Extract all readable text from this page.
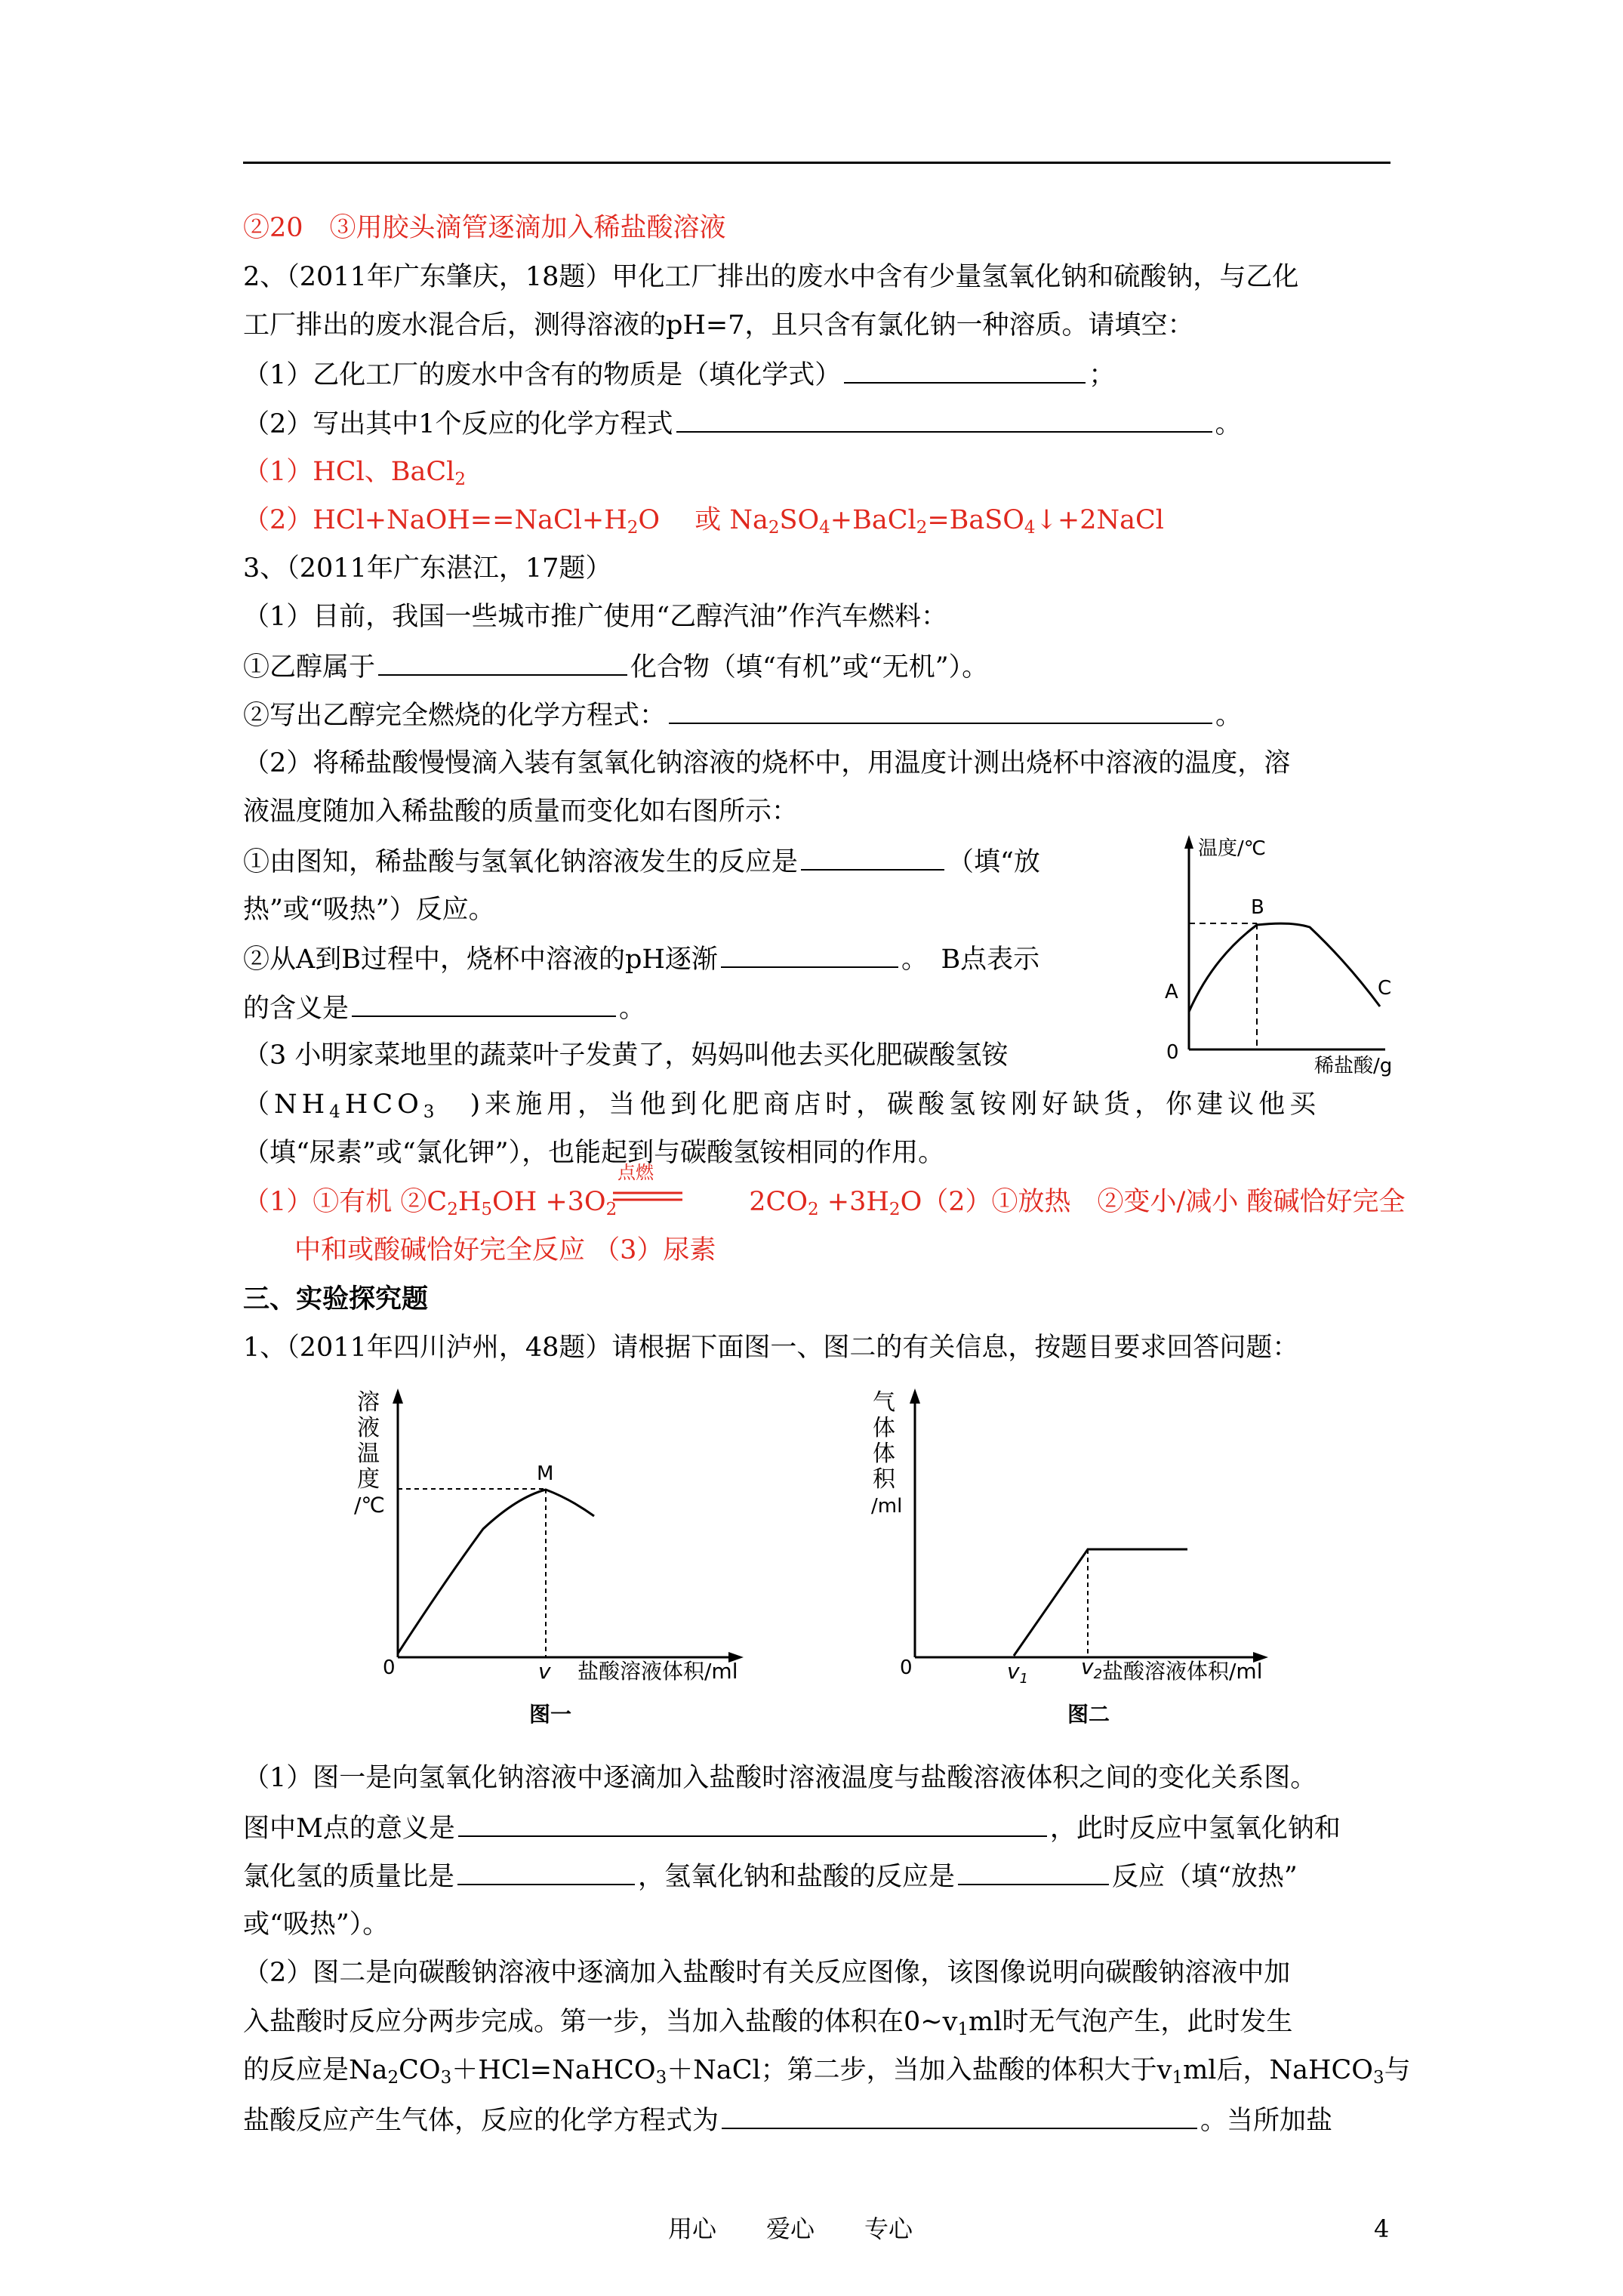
②20　③用胶头滴管逐滴加入稀盐酸溶液
2、（2011年广东肇庆，18题）甲化工厂排出的废水中含有少量氢氧化钠和硫酸钠，与乙化
工厂排出的废水混合后，测得溶液的pH=7，且只含有氯化钠一种溶质。请填空：
（1）乙化工厂的废水中含有的物质是（填化学式）	；
（2）写出其中1个反应的化学方程式	。
（1）HCl、BaCl$_2$
$(2)HCl+NaOH==NaCl+H_2O$　 或 $Na_2SO_4+BaCl_2=BaSO_4↓+2NaCl$
3、（2011年广东湛江，17题）
（1）目前，我国一些城市推广使用“乙醇汽油”作汽车燃料：
①乙醇属于	化合物（填“有机”或“无机”）。
②写出乙醇完全燃烧的化学方程式：	。
（2）将稀盐酸慢慢滴入装有氢氧化钠溶液的烧杯中，用温度计测出烧杯中溶液的温度，溶
液温度随加入稀盐酸的质量而变化如右图所示：
①由图知，稀盐酸与氢氧化钠溶液发生的反应是	（填“放
热”或“吸热”）反应。
②从A到B过程中，烧杯中溶液的pH逐渐	。　B点表示
的含义是	。
（3 小明家菜地里的蔬菜叶子发黄了，妈妈叫他去买化肥碳酸氢铵
（$NH_4HCO_3$　)来施用，当他到化肥商店时，碳酸氢铵刚好缺货，你建议他买
（填“尿素”或“氯化钾”），也能起到与碳酸氢铵相同的作用。
温度/℃
稀盐酸/g
0
A
B
C
点燃
（1）①有机 $②C_2H_5OH +3O_2$	　$2CO_2$ $+3H_2O(2)①$放热　②变小/减小 酸碱恰好完全
中和或酸碱恰好完全反应 （3）尿素
三、实验探究题
1、（2011年四川泸州，48题）请根据下面图一、图二的有关信息，按题目要求回答问题：
溶
液
温
度
/℃
M
0	v 盐酸溶液体积/ml
图一
气
体
体
积
/ml
0	$v_1$ $v_2$ 盐酸溶液体积/ml
图二
（1）图一是向氢氧化钠溶液中逐滴加入盐酸时溶液温度与盐酸溶液体积之间的变化关系图。
图中M点的意义是	，此时反应中氢氧化钠和
氯化氢的质量比是	，氢氧化钠和盐酸的反应是	反应（填“放热”
或“吸热”）。
（2）图二是向碳酸钠溶液中逐滴加入盐酸时有关反应图像，该图像说明向碳酸钠溶液中加
入盐酸时反应分两步完成。第一步，当加入盐酸的体积在$0\sim v_1ml$时无气泡产生，此时发生
的反应是$Na_2CO_3+HCl=NaHCO_3+NaCl$；第二步，当加入盐酸的体积大于$v_1ml$后，NaHCO$_3$与
盐酸反应产生气体，反应的化学方程式为	。当所加盐
用心 爱心 专心	4
